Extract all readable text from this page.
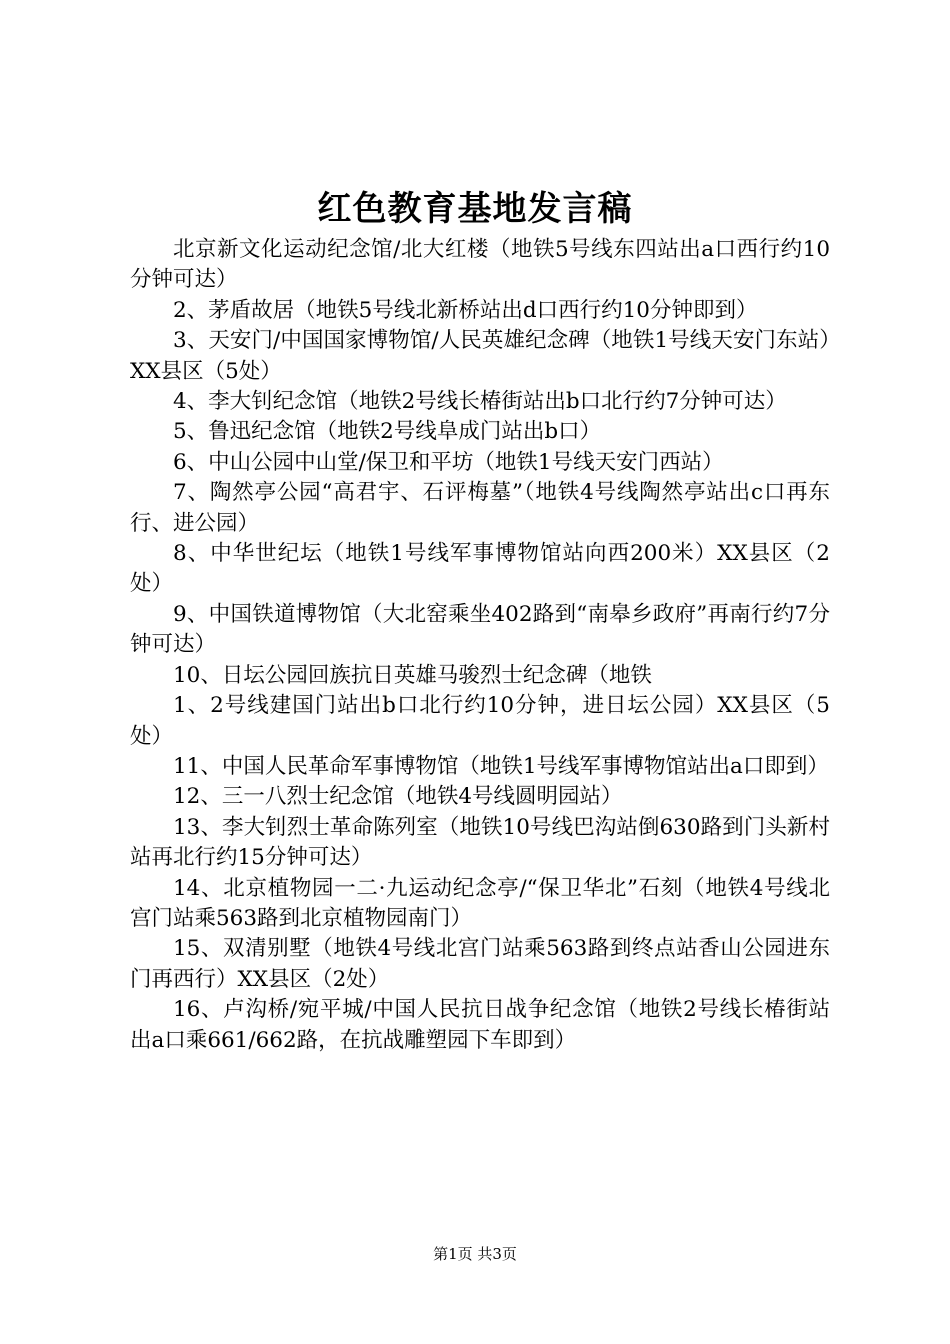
红色教育基地发言稿

北京新文化运动纪念馆/北大红楼（地铁5号线东四站出a口西行约10分钟可达）

2、茅盾故居（地铁5号线北新桥站出d口西行约10分钟即到）

3、天安门/中国国家博物馆/人民英雄纪念碑（地铁1号线天安门东站）XX县区（5处）

4、李大钊纪念馆（地铁2号线长椿街站出b口北行约7分钟可达）

5、鲁迅纪念馆（地铁2号线阜成门站出b口）

6、中山公园中山堂/保卫和平坊（地铁1号线天安门西站）

7、陶然亭公园“高君宇、石评梅墓”（地铁4号线陶然亭站出c口再东行、进公园）

8、中华世纪坛（地铁1号线军事博物馆站向西200米）XX县区（2处）

9、中国铁道博物馆（大北窑乘坐402路到“南皋乡政府”再南行约7分钟可达）

10、日坛公园回族抗日英雄马骏烈士纪念碑（地铁

1、2号线建国门站出b口北行约10分钟，进日坛公园）XX县区（5处）

11、中国人民革命军事博物馆（地铁1号线军事博物馆站出a口即到）

12、三一八烈士纪念馆（地铁4号线圆明园站）

13、李大钊烈士革命陈列室（地铁10号线巴沟站倒630路到门头新村站再北行约15分钟可达）

14、北京植物园一二·九运动纪念亭/“保卫华北”石刻（地铁4号线北宫门站乘563路到北京植物园南门）

15、双清别墅（地铁4号线北宫门站乘563路到终点站香山公园进东门再西行）XX县区（2处）

16、卢沟桥/宛平城/中国人民抗日战争纪念馆（地铁2号线长椿街站出a口乘661/662路，在抗战雕塑园下车即到）

第1页 共3页
